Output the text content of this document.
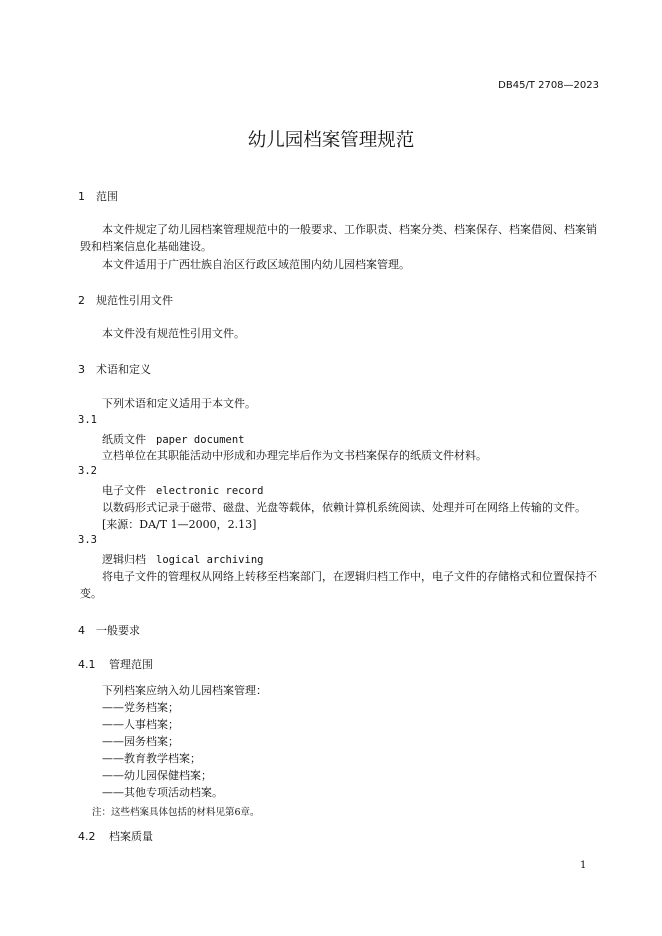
DB45/T 2708—2023
幼儿园档案管理规范
1 范围
本文件规定了幼儿园档案管理规范中的一般要求、工作职责、档案分类、档案保存、档案借阅、档案销毁和档案信息化基础建设。
本文件适用于广西壮族自治区行政区域范围内幼儿园档案管理。
2 规范性引用文件
本文件没有规范性引用文件。
3 术语和定义
下列术语和定义适用于本文件。
3.1
纸质文件 paper document
立档单位在其职能活动中形成和办理完毕后作为文书档案保存的纸质文件材料。
3.2
电子文件 electronic record
以数码形式记录于磁带、磁盘、光盘等载体，依赖计算机系统阅读、处理并可在网络上传输的文件。
[来源：DA/T 1—2000，2.13]
3.3
逻辑归档 logical archiving
将电子文件的管理权从网络上转移至档案部门，在逻辑归档工作中，电子文件的存储格式和位置保持不变。
4 一般要求
4.1 管理范围
下列档案应纳入幼儿园档案管理：
——党务档案；
——人事档案；
——园务档案；
——教育教学档案；
——幼儿园保健档案；
——其他专项活动档案。
注：这些档案具体包括的材料见第6章。
4.2 档案质量
1
